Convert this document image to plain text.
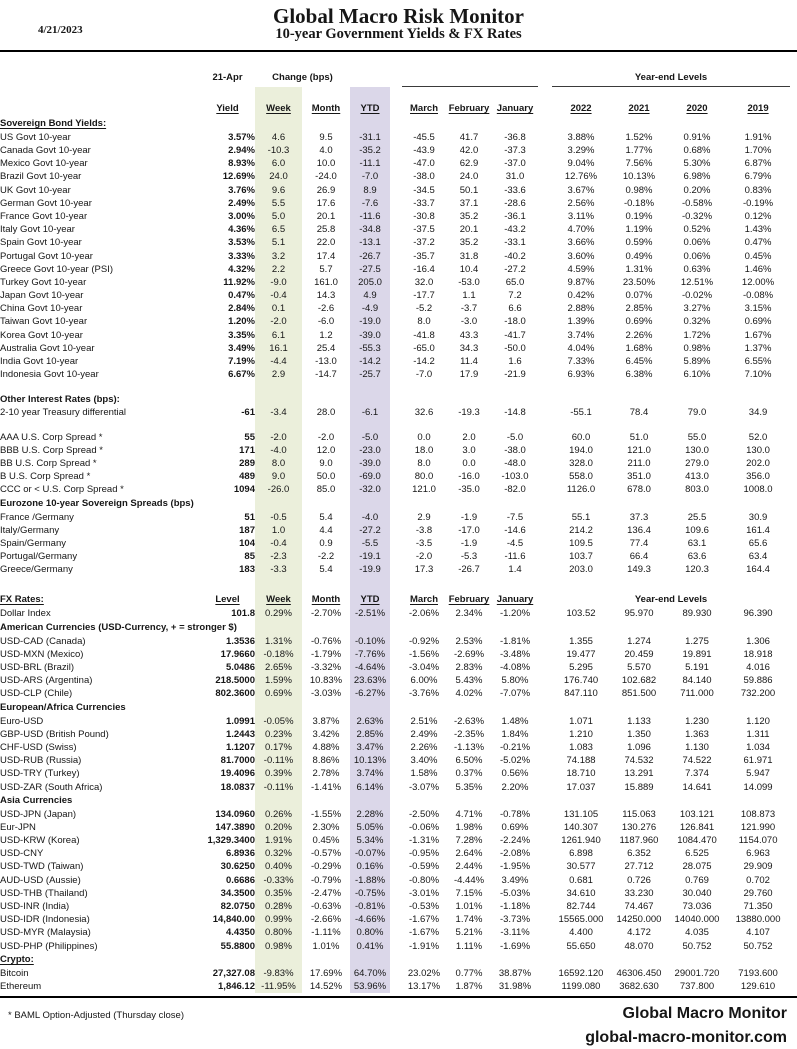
4/21/2023
Global Macro Risk Monitor
10-year Government Yields & FX Rates
	21-Apr	Change (bps)								Year-end Levels			
	Yield	Week	Month	YTD		March	February	January		2022	2021	2020	2019
Sovereign Bond Yields:													
US Govt 10-year	3.57%	4.6	9.5	-31.1		-45.5	41.7	-36.8		3.88%	1.52%	0.91%	1.91%
Canada Govt 10-year	2.94%	-10.3	4.0	-35.2		-43.9	42.0	-37.3		3.29%	1.77%	0.68%	1.70%
Mexico Govt 10-year	8.93%	6.0	10.0	-11.1		-47.0	62.9	-37.0		9.04%	7.56%	5.30%	6.87%
Brazil Govt 10-year	12.69%	24.0	-24.0	-7.0		-38.0	24.0	31.0		12.76%	10.13%	6.98%	6.79%
UK Govt 10-year	3.76%	9.6	26.9	8.9		-34.5	50.1	-33.6		3.67%	0.98%	0.20%	0.83%
German Govt 10-year	2.49%	5.5	17.6	-7.6		-33.7	37.1	-28.6		2.56%	-0.18%	-0.58%	-0.19%
France Govt 10-year	3.00%	5.0	20.1	-11.6		-30.8	35.2	-36.1		3.11%	0.19%	-0.32%	0.12%
Italy Govt 10-year	4.36%	6.5	25.8	-34.8		-37.5	20.1	-43.2		4.70%	1.19%	0.52%	1.43%
Spain Govt 10-year	3.53%	5.1	22.0	-13.1		-37.2	35.2	-33.1		3.66%	0.59%	0.06%	0.47%
Portugal Govt 10-year	3.33%	3.2	17.4	-26.7		-35.7	31.8	-40.2		3.60%	0.49%	0.06%	0.45%
Greece Govt 10-year (PSI)	4.32%	2.2	5.7	-27.5		-16.4	10.4	-27.2		4.59%	1.31%	0.63%	1.46%
Turkey Govt 10-year	11.92%	-9.0	161.0	205.0		32.0	-53.0	65.0		9.87%	23.50%	12.51%	12.00%
Japan Govt 10-year	0.47%	-0.4	14.3	4.9		-17.7	1.1	7.2		0.42%	0.07%	-0.02%	-0.08%
China Govt 10-year	2.84%	0.1	-2.6	-4.9		-5.2	-3.7	6.6		2.88%	2.85%	3.27%	3.15%
Taiwan Govt 10-year	1.20%	-2.0	-6.0	-19.0		8.0	-3.0	-18.0		1.39%	0.69%	0.32%	0.69%
Korea Govt 10-year	3.35%	6.1	1.2	-39.0		-41.8	43.3	-41.7		3.74%	2.26%	1.72%	1.67%
Australia Govt 10-year	3.49%	16.1	25.4	-55.3		-65.0	34.3	-50.0		4.04%	1.68%	0.98%	1.37%
India Govt 10-year	7.19%	-4.4	-13.0	-14.2		-14.2	11.4	1.6		7.33%	6.45%	5.89%	6.55%
Indonesia Govt 10-year	6.67%	2.9	-14.7	-25.7		-7.0	17.9	-21.9		6.93%	6.38%	6.10%	7.10%

Other Interest Rates (bps):													
2-10 year Treasury differential	-61	-3.4	28.0	-6.1		32.6	-19.3	-14.8		-55.1	78.4	79.0	34.9

AAA U.S. Corp Spread *	55	-2.0	-2.0	-5.0		0.0	2.0	-5.0		60.0	51.0	55.0	52.0
BBB U.S. Corp Spread *	171	-4.0	12.0	-23.0		18.0	3.0	-38.0		194.0	121.0	130.0	130.0
BB U.S. Corp Spread *	289	8.0	9.0	-39.0		8.0	0.0	-48.0		328.0	211.0	279.0	202.0
B U.S. Corp Spread *	489	9.0	50.0	-69.0		80.0	-16.0	-103.0		558.0	351.0	413.0	356.0
CCC or < U.S. Corp Spread *	1094	-26.0	85.0	-32.0		121.0	-35.0	-82.0		1126.0	678.0	803.0	1008.0
Eurozone 10-year Sovereign Spreads (bps)													
France /Germany	51	-0.5	5.4	-4.0		2.9	-1.9	-7.5		55.1	37.3	25.5	30.9
Italy/Germany	187	1.0	4.4	-27.2		-3.8	-17.0	-14.6		214.2	136.4	109.6	161.4
Spain/Germany	104	-0.4	0.9	-5.5		-3.5	-1.9	-4.5		109.5	77.4	63.1	65.6
Portugal/Germany	85	-2.3	-2.2	-19.1		-2.0	-5.3	-11.6		103.7	66.4	63.6	63.4
Greece/Germany	183	-3.3	5.4	-19.9		17.3	-26.7	1.4		203.0	149.3	120.3	164.4

FX Rates:	Level	Week	Month	YTD		March	February	January		Year-end Levels			
Dollar Index	101.8	0.29%	-2.70%	-2.51%		-2.06%	2.34%	-1.20%		103.52	95.970	89.930	96.390
American Currencies (USD-Currency, + = stronger $)													
USD-CAD (Canada)	1.3536	1.31%	-0.76%	-0.10%		-0.92%	2.53%	-1.81%		1.355	1.274	1.275	1.306
USD-MXN (Mexico)	17.9660	-0.18%	-1.79%	-7.76%		-1.56%	-2.69%	-3.48%		19.477	20.459	19.891	18.918
USD-BRL (Brazil)	5.0486	2.65%	-3.32%	-4.64%		-3.04%	2.83%	-4.08%		5.295	5.570	5.191	4.016
USD-ARS (Argentina)	218.5000	1.59%	10.83%	23.63%		6.00%	5.43%	5.80%		176.740	102.682	84.140	59.886
USD-CLP (Chile)	802.3600	0.69%	-3.03%	-6.27%		-3.76%	4.02%	-7.07%		847.110	851.500	711.000	732.200
European/Africa Currencies													
Euro-USD	1.0991	-0.05%	3.87%	2.63%		2.51%	-2.63%	1.48%		1.071	1.133	1.230	1.120
GBP-USD (British Pound)	1.2443	0.23%	3.42%	2.85%		2.49%	-2.35%	1.84%		1.210	1.350	1.363	1.311
CHF-USD (Swiss)	1.1207	0.17%	4.88%	3.47%		2.26%	-1.13%	-0.21%		1.083	1.096	1.130	1.034
USD-RUB (Russia)	81.7000	-0.11%	8.86%	10.13%		3.40%	6.50%	-5.02%		74.188	74.532	74.522	61.971
USD-TRY (Turkey)	19.4096	0.39%	2.78%	3.74%		1.58%	0.37%	0.56%		18.710	13.291	7.374	5.947
USD-ZAR (South Africa)	18.0837	-0.11%	-1.41%	6.14%		-3.07%	5.35%	2.20%		17.037	15.889	14.641	14.099
Asia Currencies													
USD-JPN (Japan)	134.0960	0.26%	-1.55%	2.28%		-2.50%	4.71%	-0.78%		131.105	115.063	103.121	108.873
Eur-JPN	147.3890	0.20%	2.30%	5.05%		-0.06%	1.98%	0.69%		140.307	130.276	126.841	121.990
USD-KRW (Korea)	1,329.3400	1.91%	0.45%	5.34%		-1.31%	7.28%	-2.24%		1261.940	1187.960	1084.470	1154.070
USD-CNY	6.8936	0.32%	-0.57%	-0.07%		-0.95%	2.64%	-2.08%		6.898	6.352	6.525	6.963
USD-TWD (Taiwan)	30.6250	0.40%	-0.29%	0.16%		-0.59%	2.44%	-1.95%		30.577	27.712	28.075	29.909
AUD-USD (Aussie)	0.6686	-0.33%	-0.79%	-1.88%		-0.80%	-4.44%	3.49%		0.681	0.726	0.769	0.702
USD-THB (Thailand)	34.3500	0.35%	-2.47%	-0.75%		-3.01%	7.15%	-5.03%		34.610	33.230	30.040	29.760
USD-INR (India)	82.0750	0.28%	-0.63%	-0.81%		-0.53%	1.01%	-1.18%		82.744	74.467	73.036	71.350
USD-IDR (Indonesia)	14,840.00	0.99%	-2.66%	-4.66%		-1.67%	1.74%	-3.73%		15565.000	14250.000	14040.000	13880.000
USD-MYR (Malaysia)	4.4350	0.80%	-1.11%	0.80%		-1.67%	5.21%	-3.11%		4.400	4.172	4.035	4.107
USD-PHP (Philippines)	55.8800	0.98%	1.01%	0.41%		-1.91%	1.11%	-1.69%		55.650	48.070	50.752	50.752
Crypto:													
Bitcoin	27,327.08	-9.83%	17.69%	64.70%		23.02%	0.77%	38.87%		16592.120	46306.450	29001.720	7193.600
Ethereum	1,846.12	-11.95%	14.52%	53.96%		13.17%	1.87%	31.98%		1199.080	3682.630	737.800	129.610
* BAML Option-Adjusted (Thursday close)	Global Macro Monitor
global-macro-monitor.com
